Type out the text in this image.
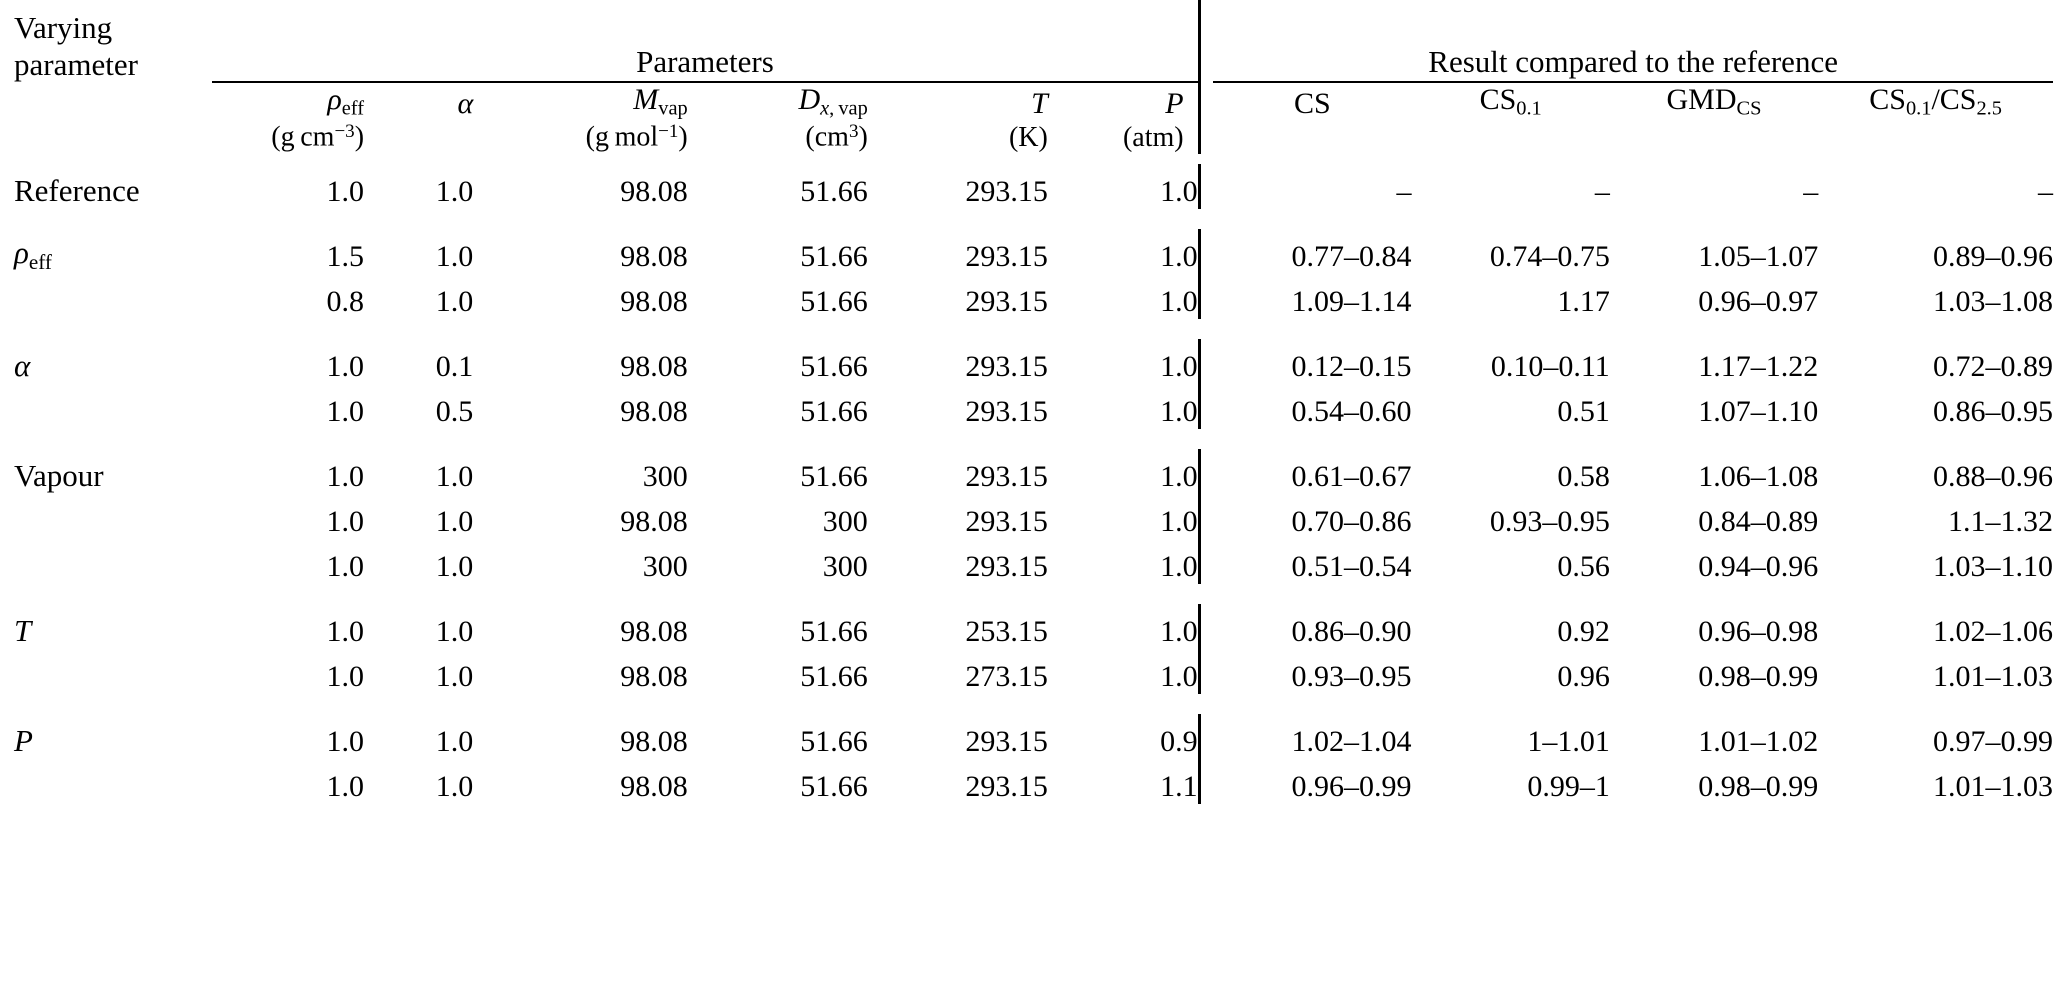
Varying
parameter	Parameters							Result compared to the reference			

	$\rho_{eff}$	α	$M_{vap}$	$D_{x, vap}$	T	P		CS	$CS_{0.1}$	$GMD_{CS}$	$CS_{0.1}/CS_{2.5}$
	(g $cm^{-3}$)		(g mol$^{-1}$)	$(cm^3)$	(K)	(atm)					

Reference	1.0	1.0	98.08	51.66	293.15	1.0		–	–	–	–

$\rho_{eff}$	1.5	1.0	98.08	51.66	293.15	1.0		0.77–0.84	0.74–0.75	1.05–1.07	0.89–0.96
	0.8	1.0	98.08	51.66	293.15	1.0		1.09–1.14	1.17	0.96–0.97	1.03–1.08

α	1.0	0.1	98.08	51.66	293.15	1.0		0.12–0.15	0.10–0.11	1.17–1.22	0.72–0.89
	1.0	0.5	98.08	51.66	293.15	1.0		0.54–0.60	0.51	1.07–1.10	0.86–0.95

Vapour	1.0	1.0	300	51.66	293.15	1.0		0.61–0.67	0.58	1.06–1.08	0.88–0.96
	1.0	1.0	98.08	300	293.15	1.0		0.70–0.86	0.93–0.95	0.84–0.89	1.1–1.32
	1.0	1.0	300	300	293.15	1.0		0.51–0.54	0.56	0.94–0.96	1.03–1.10

T	1.0	1.0	98.08	51.66	253.15	1.0		0.86–0.90	0.92	0.96–0.98	1.02–1.06
	1.0	1.0	98.08	51.66	273.15	1.0		0.93–0.95	0.96	0.98–0.99	1.01–1.03

P	1.0	1.0	98.08	51.66	293.15	0.9		1.02–1.04	1–1.01	1.01–1.02	0.97–0.99
	1.0	1.0	98.08	51.66	293.15	1.1		0.96–0.99	0.99–1	0.98–0.99	1.01–1.03
